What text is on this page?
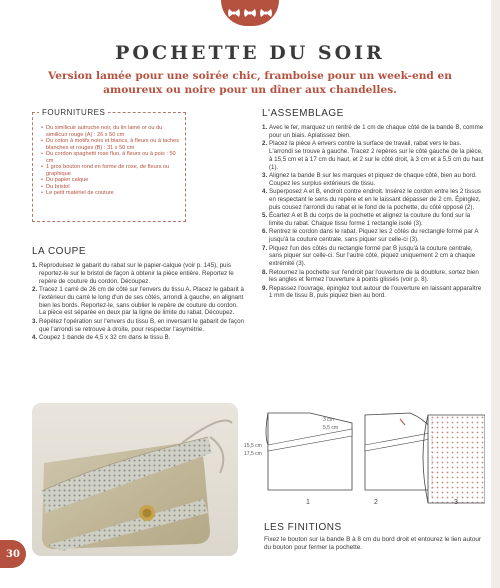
POCHETTE DU SOIR
Version lamée pour une soirée chic, framboise pour un week-end en amoureux ou noire pour un dîner aux chandelles.
FOURNITURES
• Du similicuir autruche noir, du lin lamé or ou du similicuir rouge (A) : 26 x 50 cm
• Du coton à motifs noirs et blancs, à fleurs ou à taches blanches et rouges (B) : 31 x 50 cm
• Du cordon spaghetti rose fluo, à fleurs ou à pois : 50 cm
• 1 gros bouton rond en forme de rose, de fleurs ou graphique
• Du papier calque
• Du bristol
• Le petit matériel de couture
LA COUPE
1. Reproduisez le gabarit du rabat sur le papier-calque (voir p. 145), puis reportez-le sur le bristol de façon à obtenir la pièce entière. Reportez le repère de couture du cordon. Découpez.
2. Tracez 1 carré de 26 cm de côté sur l'envers du tissu A. Placez le gabarit à l'extérieur du carré le long d'un de ses côtés, arrondi à gauche, en alignant bien les bords. Reportez-le, sans oublier le repère de couture du cordon. La pièce est séparée en deux par la ligne de limite du rabat. Découpez.
3. Répétez l'opération sur l'envers du tissu B, en inversant le gabarit de façon que l'arrondi se retrouve à droite, pour respecter l'asymétrie.
4. Coupez 1 bande de 4,5 x 32 cm dans le tissu B.
L'ASSEMBLAGE
1. Avec le fer, marquez un rentré de 1 cm de chaque côté de la bande B, comme pour un biais. Aplatissez bien.
2. Placez la pièce A envers contre la surface de travail, rabat vers le bas. L'arrondi se trouve à gauche. Tracez 2 repères sur le côté gauche de la pièce, à 15,5 cm et à 17 cm du haut, et 2 sur le côté droit, à 3 cm et à 5,5 cm du haut (1).
3. Alignez la bande B sur les marques et piquez de chaque côté, bien au bord. Coupez les surplus extérieurs de tissu.
4. Superposez A et B, endroit contre endroit. Insérez le cordon entre les 2 tissus en respectant le sens du repère et en le laissant dépasser de 2 cm. Épinglez, puis cousez l'arrondi du rabat et le fond de la pochette, du côté opposé (2).
5. Écartez A et B du corps de la pochette et alignez la couture du fond sur la limite du rabat. Chaque tissu forme 1 rectangle isolé (3).
6. Rentrez le cordon dans le rabat. Piquez les 2 côtés du rectangle formé par A jusqu'à la couture centrale, sans piquer sur celle-ci (3).
7. Piquez l'un des côtés du rectangle formé par B jusqu'à la couture centrale, sans piquer sur celle-ci. Sur l'autre côté, piquez uniquement 2 cm à chaque extrémité (3).
8. Retournez la pochette sur l'endroit par l'ouverture de la doublure, sortez bien les angles et fermez l'ouverture à points glissés (voir p. 8).
9. Repassez l'ouvrage, épinglez tout autour de l'ouverture en laissant apparaître 1 mm de tissu B, puis piquez bien au bord.
3 cm
5,5 cm
15,5 cm
17,5 cm
1	2	3
LES FINITIONS
Fixez le bouton sur la bande B à 8 cm du bord droit et entourez le lien autour du bouton pour fermer la pochette.
30
